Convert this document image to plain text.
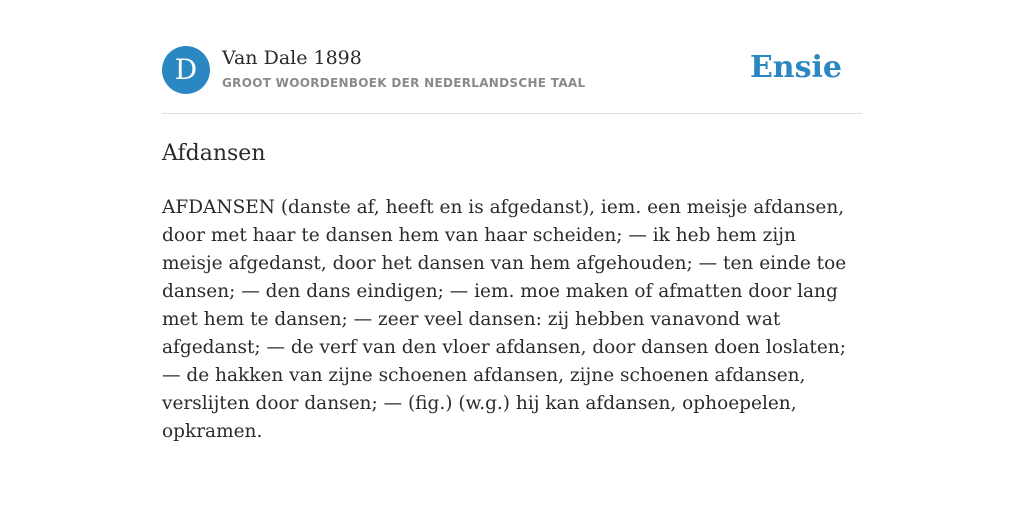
D	Van Dale 1898
GROOT WOORDENBOEK DER NEDERLANDSCHE TAAL	Ensie
Afdansen

AFDANSEN (danste af, heeft en is afgedanst), iem. een meisje afdansen, door met haar te dansen hem van haar scheiden; — ik heb hem zijn meisje afgedanst, door het dansen van hem afgehouden; — ten einde toe dansen; — den dans eindigen; — iem. moe maken of afmatten door lang met hem te dansen; — zeer veel dansen: zij hebben vanavond wat afgedanst; — de verf van den vloer afdansen, door dansen doen loslaten; — de hakken van zijne schoenen afdansen, zijne schoenen afdansen, verslijten door dansen; — (fig.) (w.g.) hij kan afdansen, ophoepelen, opkramen.
